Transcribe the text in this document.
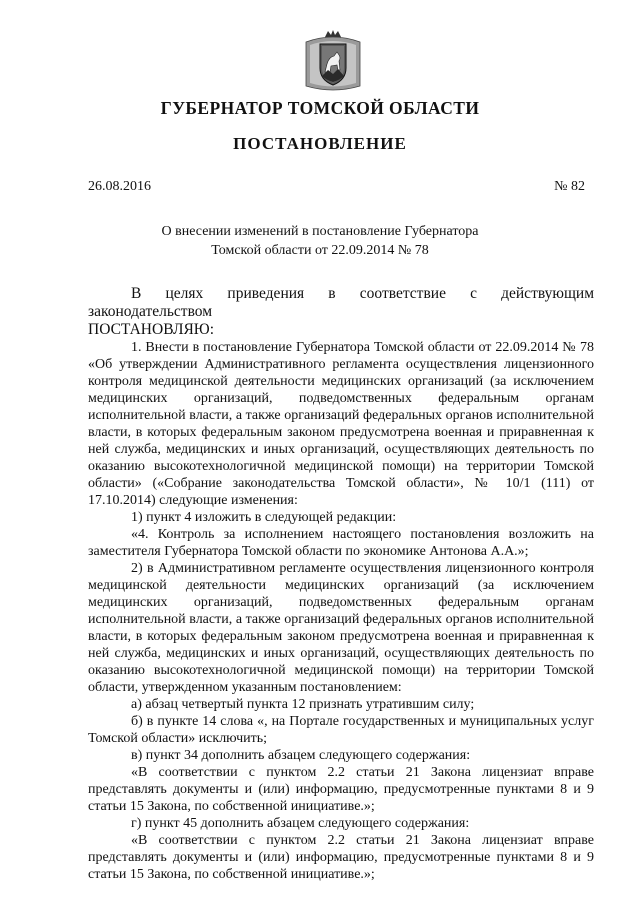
ГУБЕРНАТОР ТОМСКОЙ ОБЛАСТИ
ПОСТАНОВЛЕНИЕ
26.08.2016	№ 82
О внесении изменений в постановление Губернатора
Томской области от 22.09.2014 № 78

В целях приведения в соответствие с действующим законодательством

ПОСТАНОВЛЯЮ:

1. Внести в постановление Губернатора Томской области от 22.09.2014 № 78 «Об утверждении Административного регламента осуществления лицензионного контроля медицинской деятельности медицинских организаций (за исключением медицинских организаций, подведомственных федеральным органам исполнительной власти, а также организаций федеральных органов исполнительной власти, в которых федеральным законом предусмотрена военная и приравненная к ней служба, медицинских и иных организаций, осуществляющих деятельность по оказанию высокотехнологичной медицинской помощи) на территории Томской области» («Собрание законодательства Томской области», № 10/1 (111) от 17.10.2014) следующие изменения:

1) пункт 4 изложить в следующей редакции:

«4. Контроль за исполнением настоящего постановления возложить на заместителя Губернатора Томской области по экономике Антонова А.А.»;

2) в Административном регламенте осуществления лицензионного контроля медицинской деятельности медицинских организаций (за исключением медицинских организаций, подведомственных федеральным органам исполнительной власти, а также организаций федеральных органов исполнительной власти, в которых федеральным законом предусмотрена военная и приравненная к ней служба, медицинских и иных организаций, осуществляющих деятельность по оказанию высокотехнологичной медицинской помощи) на территории Томской области, утвержденном указанным постановлением:

а) абзац четвертый пункта 12 признать утратившим силу;

б) в пункте 14 слова «, на Портале государственных и муниципальных услуг Томской области» исключить;

в) пункт 34 дополнить абзацем следующего содержания:

«В соответствии с пунктом 2.2 статьи 21 Закона лицензиат вправе представлять документы и (или) информацию, предусмотренные пунктами 8 и 9 статьи 15 Закона, по собственной инициативе.»;

г) пункт 45 дополнить абзацем следующего содержания:

«В соответствии с пунктом 2.2 статьи 21 Закона лицензиат вправе представлять документы и (или) информацию, предусмотренные пунктами 8 и 9 статьи 15 Закона, по собственной инициативе.»;
